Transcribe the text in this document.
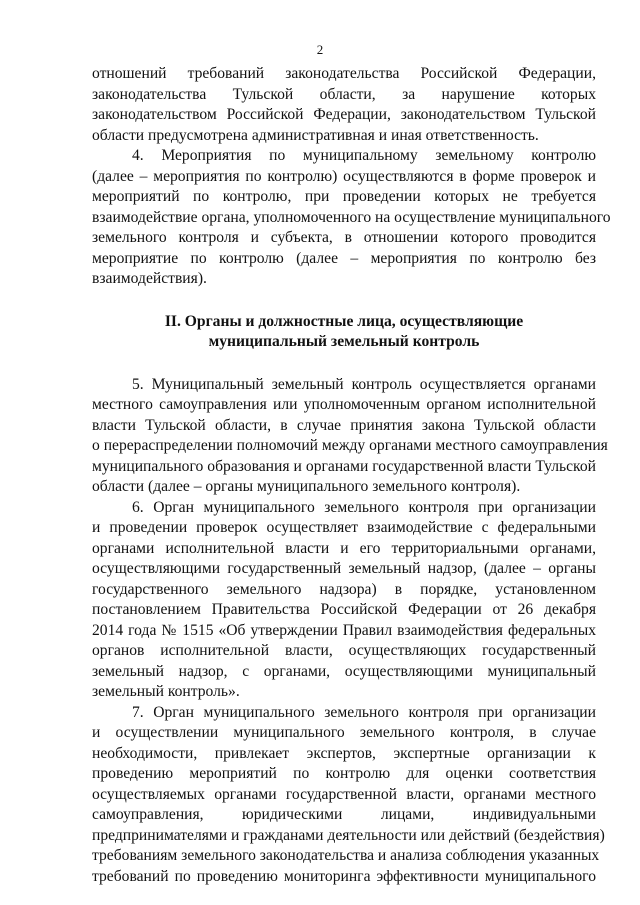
2
отношений требований законодательства Российской Федерации,
законодательства Тульской области, за нарушение которых
законодательством Российской Федерации, законодательством Тульской
области предусмотрена административная и иная ответственность.
4. Мероприятия по муниципальному земельному контролю
(далее – мероприятия по контролю) осуществляются в форме проверок и
мероприятий по контролю, при проведении которых не требуется
взаимодействие органа, уполномоченного на осуществление муниципального
земельного контроля и субъекта, в отношении которого проводится
мероприятие по контролю (далее – мероприятия по контролю без
взаимодействия).
II. Органы и должностные лица, осуществляющие
муниципальный земельный контроль
5. Муниципальный земельный контроль осуществляется органами
местного самоуправления или уполномоченным органом исполнительной
власти Тульской области, в случае принятия закона Тульской области
о перераспределении полномочий между органами местного самоуправления
муниципального образования и органами государственной власти Тульской
области (далее – органы муниципального земельного контроля).
6. Орган муниципального земельного контроля при организации
и проведении проверок осуществляет взаимодействие с федеральными
органами исполнительной власти и его территориальными органами,
осуществляющими государственный земельный надзор, (далее – органы
государственного земельного надзора) в порядке, установленном
постановлением Правительства Российской Федерации от 26 декабря
2014 года № 1515 «Об утверждении Правил взаимодействия федеральных
органов исполнительной власти, осуществляющих государственный
земельный надзор, с органами, осуществляющими муниципальный
земельный контроль».
7. Орган муниципального земельного контроля при организации
и осуществлении муниципального земельного контроля, в случае
необходимости, привлекает экспертов, экспертные организации к
проведению мероприятий по контролю для оценки соответствия
осуществляемых органами государственной власти, органами местного
самоуправления, юридическими лицами, индивидуальными
предпринимателями и гражданами деятельности или действий (бездействия)
требованиям земельного законодательства и анализа соблюдения указанных
требований по проведению мониторинга эффективности муниципального
